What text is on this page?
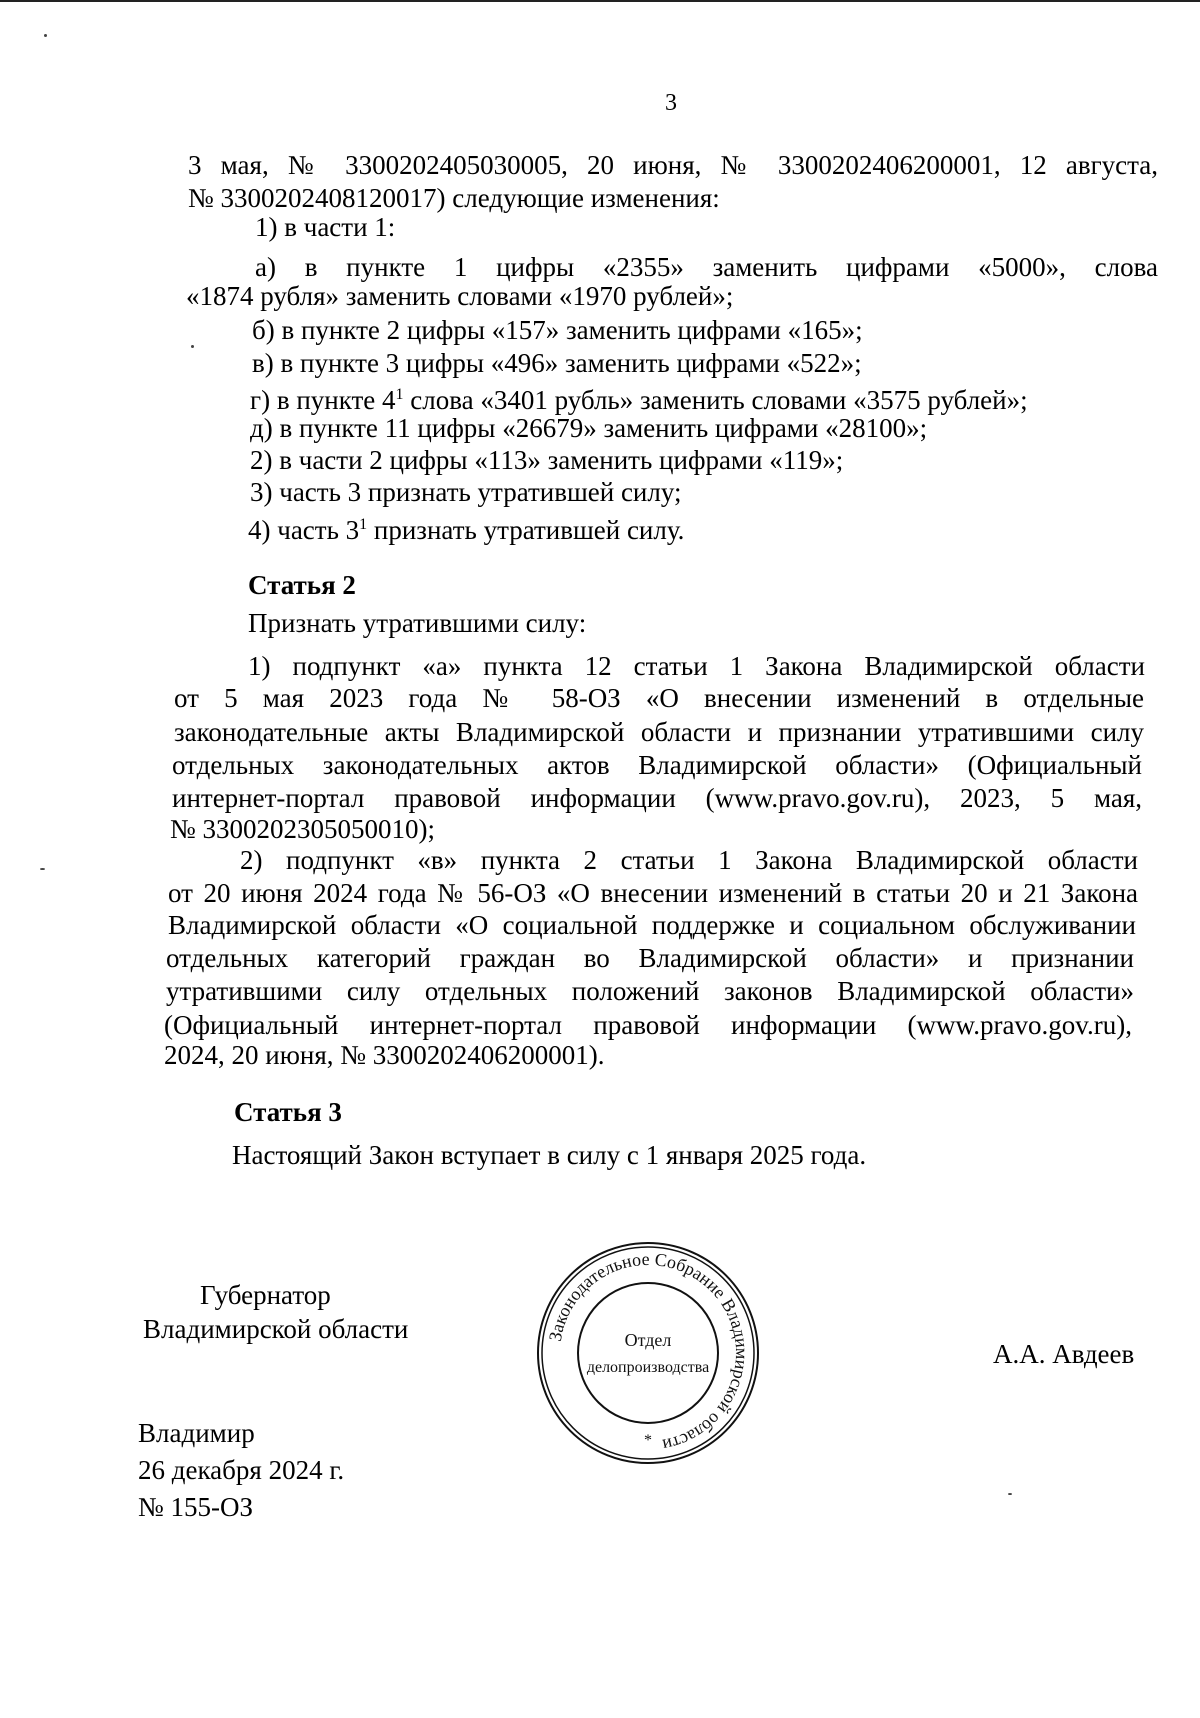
3
3 мая, № 3300202405030005, 20 июня, № 3300202406200001, 12 августа,
№ 3300202408120017) следующие изменения:
1) в части 1:
а) в пункте 1 цифры «2355» заменить цифрами «5000», слова
«1874 рубля» заменить словами «1970 рублей»;
б) в пункте 2 цифры «157» заменить цифрами «165»;
в) в пункте 3 цифры «496» заменить цифрами «522»;
г) в пункте $4^1$ слова «3401 рубль» заменить словами «3575 рублей»;
д) в пункте 11 цифры «26679» заменить цифрами «28100»;
2) в части 2 цифры «113» заменить цифрами «119»;
3) часть 3 признать утратившей силу;
4) часть $3^1$ признать утратившей силу.
Статья 2
Признать утратившими силу:
1) подпункт «а» пункта 12 статьи 1 Закона Владимирской области
от 5 мая 2023 года № 58-ОЗ «О внесении изменений в отдельные
законодательные акты Владимирской области и признании утратившими силу
отдельных законодательных актов Владимирской области» (Официальный
интернет-портал правовой информации (www.pravo.gov.ru), 2023, 5 мая,
№ 3300202305050010);
2) подпункт «в» пункта 2 статьи 1 Закона Владимирской области
от 20 июня 2024 года № 56-ОЗ «О внесении изменений в статьи 20 и 21 Закона
Владимирской области «О социальной поддержке и социальном обслуживании
отдельных категорий граждан во Владимирской области» и признании
утратившими силу отдельных положений законов Владимирской области»
(Официальный интернет-портал правовой информации (www.pravo.gov.ru),
2024, 20 июня, № 3300202406200001).
Статья 3
Настоящий Закон вступает в силу с 1 января 2025 года.
Губернатор
Владимирской области
А.А. Авдеев
Законодательное Собрание Владимирской области
Отдел
делопроизводства
*
Владимир
26 декабря 2024 г.
№ 155-ОЗ
